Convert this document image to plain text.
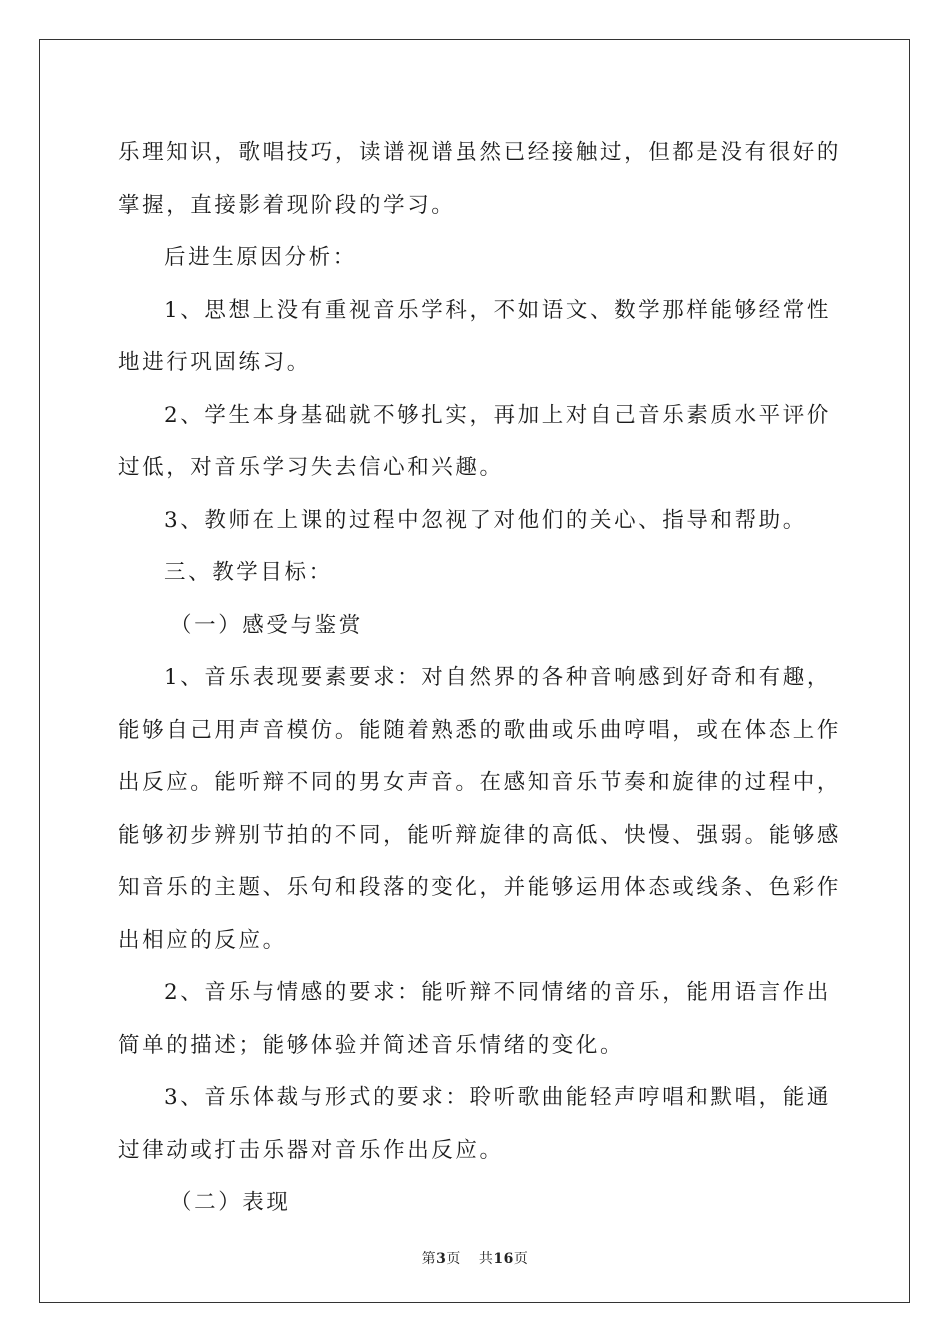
乐理知识，歌唱技巧，读谱视谱虽然已经接触过，但都是没有很好的
掌握，直接影着现阶段的学习。
后进生原因分析：
1、思想上没有重视音乐学科，不如语文、数学那样能够经常性
地进行巩固练习。
2、学生本身基础就不够扎实，再加上对自己音乐素质水平评价
过低，对音乐学习失去信心和兴趣。
3、教师在上课的过程中忽视了对他们的关心、指导和帮助。
三、教学目标：
（一）感受与鉴赏
1、音乐表现要素要求：对自然界的各种音响感到好奇和有趣，
能够自己用声音模仿。能随着熟悉的歌曲或乐曲哼唱，或在体态上作
出反应。能听辩不同的男女声音。在感知音乐节奏和旋律的过程中，
能够初步辨别节拍的不同，能听辩旋律的高低、快慢、强弱。能够感
知音乐的主题、乐句和段落的变化，并能够运用体态或线条、色彩作
出相应的反应。
2、音乐与情感的要求：能听辩不同情绪的音乐，能用语言作出
简单的描述；能够体验并简述音乐情绪的变化。
3、音乐体裁与形式的要求：聆听歌曲能轻声哼唱和默唱，能通
过律动或打击乐器对音乐作出反应。
（二）表现
第3页 共16页
